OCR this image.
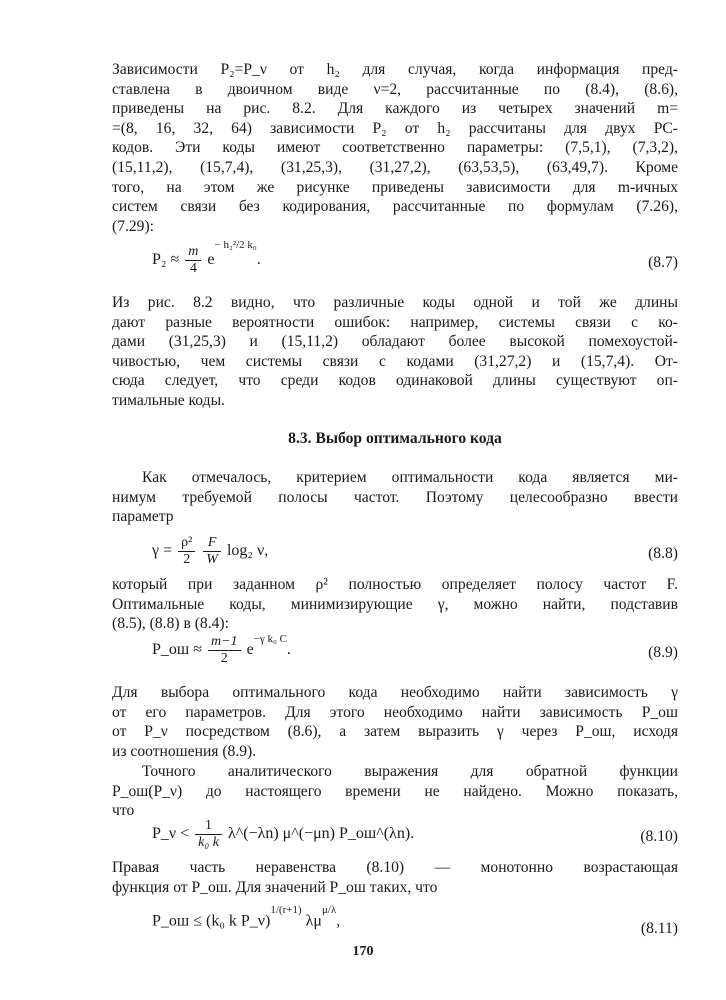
Зависимости P₂=P_ν от h₂ для случая, когда информация пред-
ставлена в двоичном виде ν=2, рассчитанные по (8.4), (8.6),
приведены на рис. 8.2. Для каждого из четырех значений m=
=(8, 16, 32, 64) зависимости P₂ от h₂ рассчитаны для двух PC-
кодов. Эти коды имеют соответственно параметры: (7,5,1), (7,3,2),
(15,11,2), (15,7,4), (31,25,3), (31,27,2), (63,53,5), (63,49,7). Кроме
того, на этом же рисунке приведены зависимости для m-ичных
систем связи без кодирования, рассчитанные по формулам (7.26),
(7.29):
$P_2 \approx \frac{m}{4} e^{- h_2^2/2 k_0}$.	(8.7)
Из рис. 8.2 видно, что различные коды одной и той же длины
дают разные вероятности ошибок: например, системы связи с ко-
дами (31,25,3) и (15,11,2) обладают более высокой помехоустой-
чивостью, чем системы связи с кодами (31,27,2) и (15,7,4). От-
сюда следует, что среди кодов одинаковой длины существуют оп-
тимальные коды.
8.3. Выбор оптимального кода
Как отмечалось, критерием оптимальности кода является ми-
нимум требуемой полосы частот. Поэтому целесообразно ввести
параметр
$\gamma = \frac{\text{ρ²}}{2}$
$\frac{F}{W} \log_2$ ν,	(8.8)
который при заданном ρ² полностью определяет полосу частот F.
Оптимальные коды, минимизирующие γ, можно найти, подставив
(8.5), (8.8) в (8.4):
P_ош ≈ $\frac{m-1}{2} e^{-\gamma k_0 C}$.	(8.9)
Для выбора оптимального кода необходимо найти зависимость γ
от его параметров. Для этого необходимо найти зависимость P_ош
от P_ν посредством (8.6), а затем выразить γ через P_ош, исходя
из соотношения (8.9).
Точного аналитического выражения для обратной функции
P_ош(P_ν) до настоящего времени не найдено. Можно показать,
что
P_ν < $\frac{1}{\text{k₀ k}}$ λ^(−λn) μ^(−μn) P_ош^(λn).	(8.10)
Правая часть неравенства (8.10) — монотонно возрастающая
функция от P_ош. Для значений P_ош таких, что
P_ош ≤ (k₀ k P_ν)$^{1/(r+1)}$ $\lambda\mu^{\mu/\lambda}$,	(8.11)
170
